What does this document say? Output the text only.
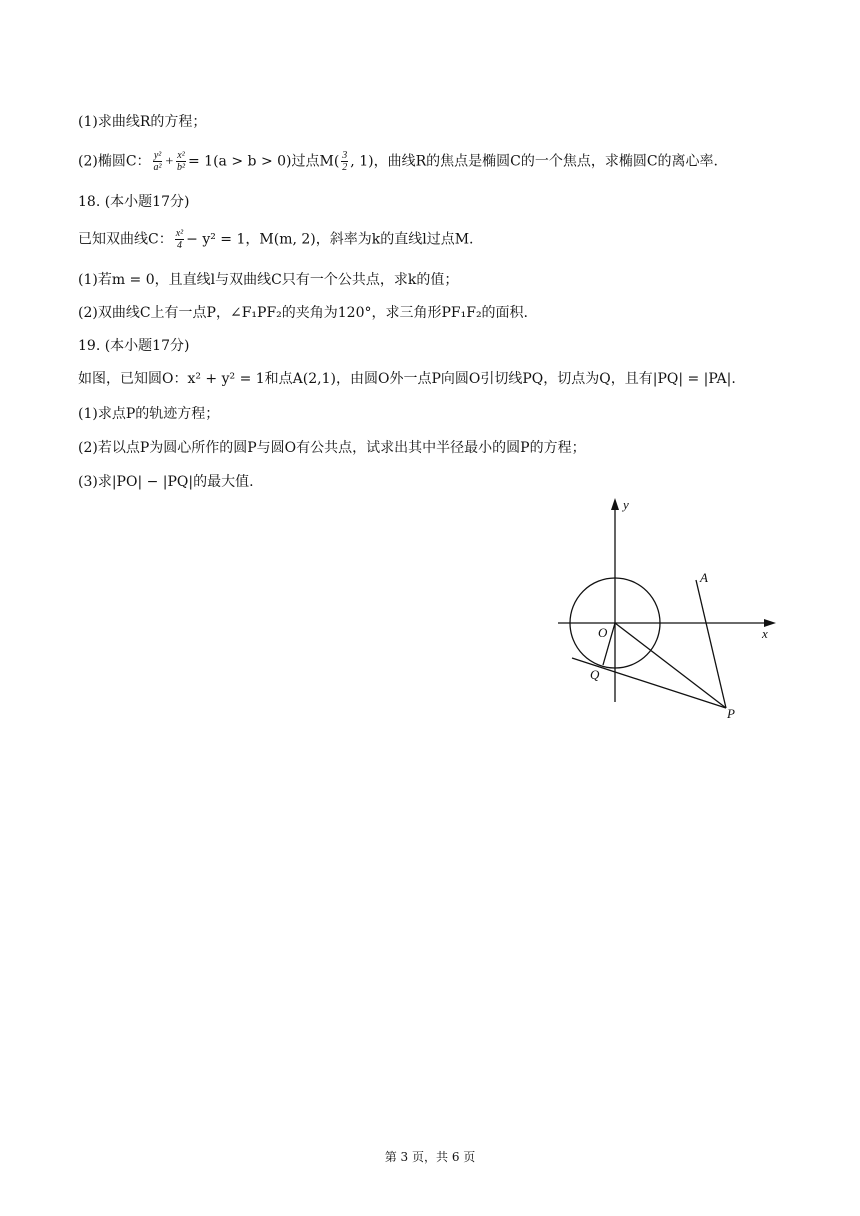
(1)求曲线R的方程；
(2)椭圆C： $\frac{\text{y²}}{\text{a²}} + \frac{\text{x²}}{\text{b²}} = 1(a > b > 0)$过点$M( \frac{3}{2}$ , 1)，曲线R的焦点是椭圆C的一个焦点，求椭圆C的离心率.
18. (本小题17分)
已知双曲线C： $\frac{\text{x²}}{4} - y^2 = 1$，M(m, 2)，斜率为k的直线l过点M.
(1)若m = 0，且直线l与双曲线C只有一个公共点，求k的值；
(2)双曲线C上有一点P，∠F₁PF₂的夹角为120°，求三角形PF₁F₂的面积.
19. (本小题17分)
如图，已知圆O：x² + y² = 1和点A(2,1)，由圆O外一点P向圆O引切线PQ，切点为Q，且有|PQ| = |PA|.
(1)求点P的轨迹方程；
(2)若以点P为圆心所作的圆P与圆O有公共点，试求出其中半径最小的圆P的方程；
(3)求|PO| − |PQ|的最大值.
y
x
O
A
Q
P
第 3 页，共 6 页
